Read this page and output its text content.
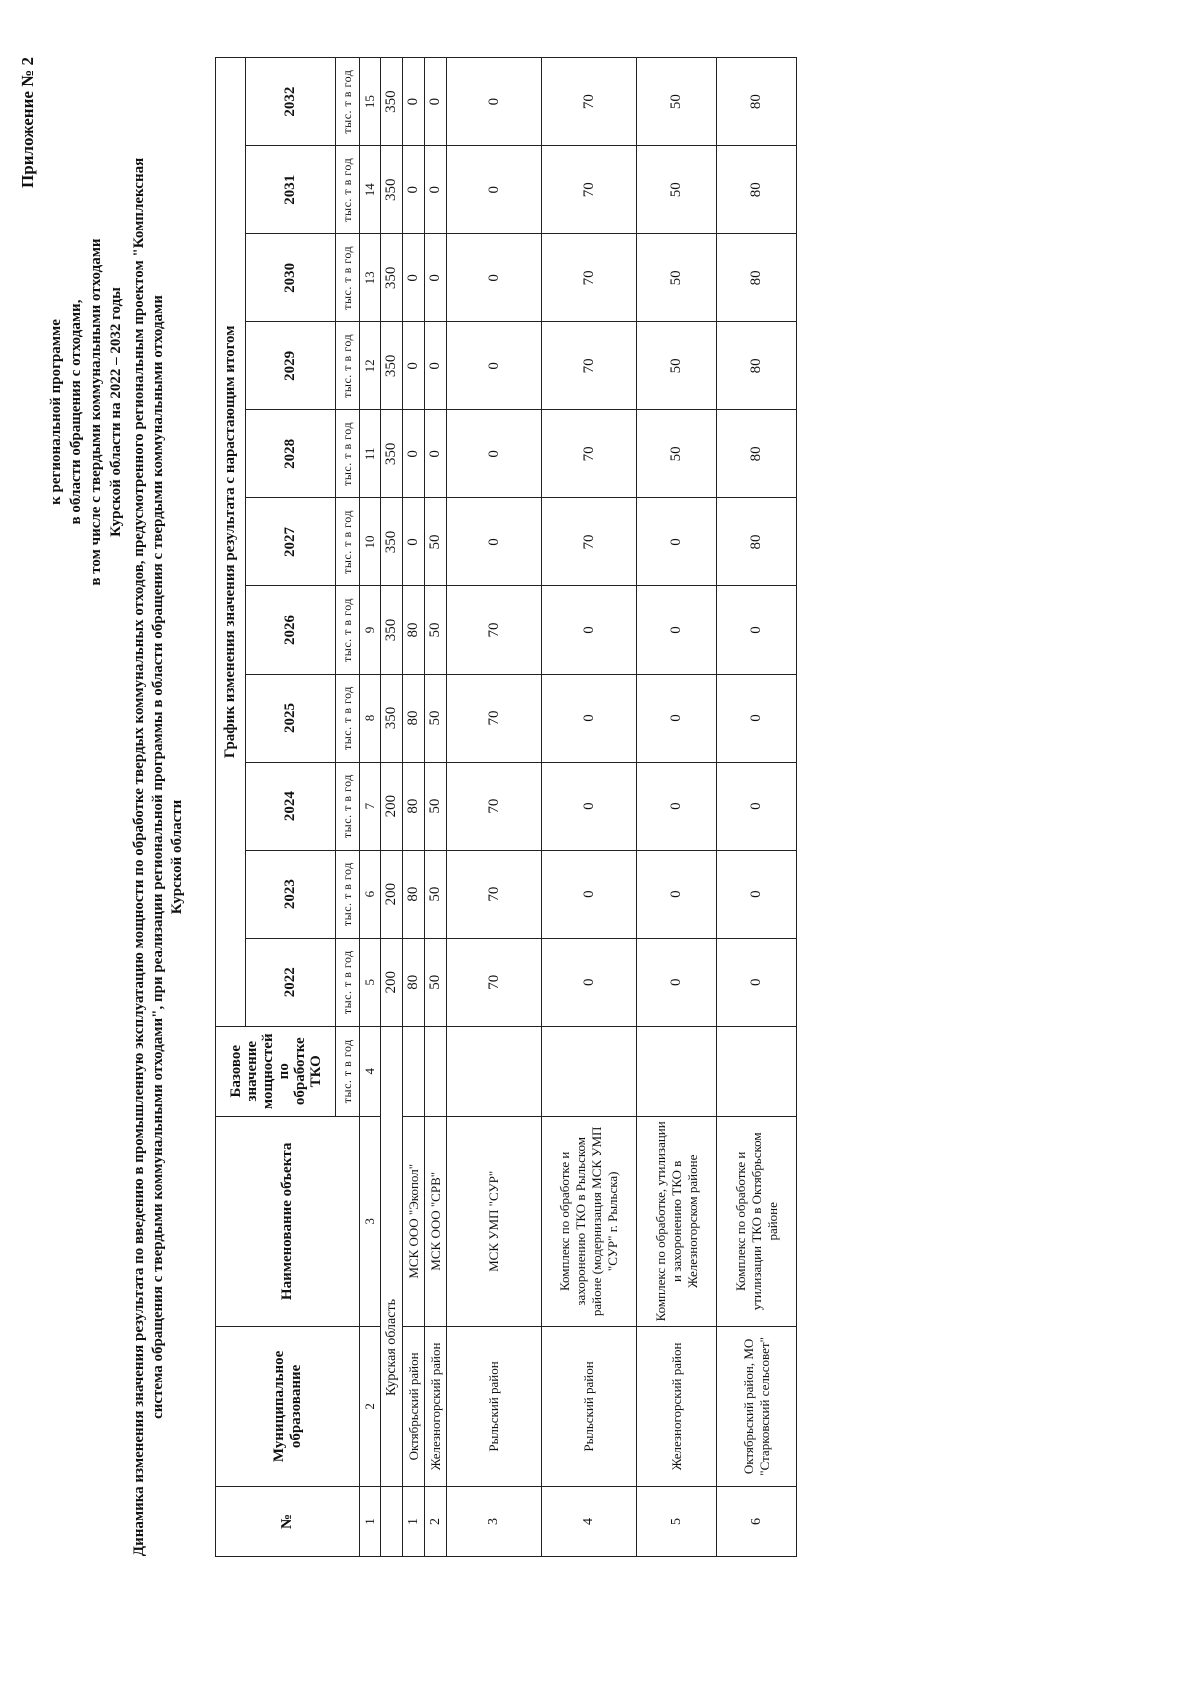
Приложение № 2
к региональной программе в области обращения с отходами, в том числе с твердыми коммунальными отходами Курской области на 2022 – 2032 годы Динамика изменения значения результата по введению в промышленную эксплуатацию мощности по обработке твердых коммунальных отходов, предусмотренного региональным проектом "Комплексная система обращения с твердыми коммунальными отходами", при реализации региональной программы в области обращения с твердыми коммунальными отходами Курской области
№	Муниципальное образование	Наименование объекта	Базовое значение мощностей по обработке ТКО	График изменения значения результата с нарастающим итогом										
				2022	2023	2024	2025	2026	2027	2028	2029	2030	2031	2032
			тыс. т в год	тыс. т в год	тыс. т в год	тыс. т в год	тыс. т в год	тыс. т в год	тыс. т в год	тыс. т в год	тыс. т в год	тыс. т в год	тыс. т в год	тыс. т в год
1	2	3	4	5	6	7	8	9	10	11	12	13	14	15
	Курская область			200	200	200	350	350	350	350	350	350	350	350
1	Октябрьский район	МСК ООО "Экопол"		80	80	80	80	80	0	0	0	0	0	0
2	Железногорский район	МСК ООО "СРВ"		50	50	50	50	50	50	0	0	0	0	0
3	Рыльский район	МСК УМП "СУР"		70	70	70	70	70	0	0	0	0	0	0
4	Рыльский район	Комплекс по обработке и захоронению ТКО в Рыльском районе (модернизация МСК УМП "СУР" г. Рыльска)		0	0	0	0	0	70	70	70	70	70	70
5	Железногорский район	Комплекс по обработке, утилизации и захоронению ТКО в Железногорском районе		0	0	0	0	0	0	50	50	50	50	50
6	Октябрьский район, МО "Старковский сельсовет"	Комплекс по обработке и утилизации ТКО в Октябрьском районе		0	0	0	0	0	80	80	80	80	80	80
